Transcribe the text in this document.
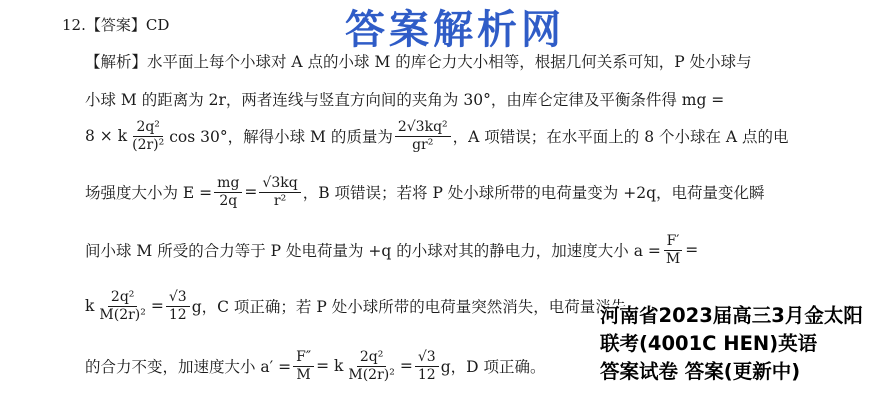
12.【答案】CD	答案解析网
【解析】水平面上每个小球对 A 点的小球 M 的库仑力大小相等，根据几何关系可知，P 处小球与
小球 M 的距离为 2r，两者连线与竖直方向间的夹角为 30°，由库仑定律及平衡条件得 mg =
8 × k $\frac{\text{2q²}}{\text{(2r)²}}$ cos 30°，解得小球 M 的质量为 $\frac{\text{2√3kq²}}{\text{gr²}}$ ，A 项错误；在水平面上的 8 个小球在 A 点的电
场强度大小为 $E = \frac{mg}{2q} = \frac{√3kq}{\text{r²}}$ ，B 项错误；若将 P 处小球所带的电荷量变为 +2q，电荷量变化瞬
间小球 M 所受的合力等于 P 处电荷量为 +q 的小球对其的静电力，加速度大小 $a = \frac{F'}{M}$ =
k $\frac{\text{2q²}}{\text{M(2r)²}} = \frac{√3}{12}$ g，C 项正确；若 P 处小球所带的电荷量突然消失，电荷量消失
的合力不变，加速度大小 $a' = \frac{F''}{M} = k \frac{\text{2q²}}{\text{M(2r)²}} = \frac{√3}{12}$ g，D 项正确。
河南省2023届高三3月金太阳
联考(4001C HEN)英语
答案试卷 答案(更新中)
